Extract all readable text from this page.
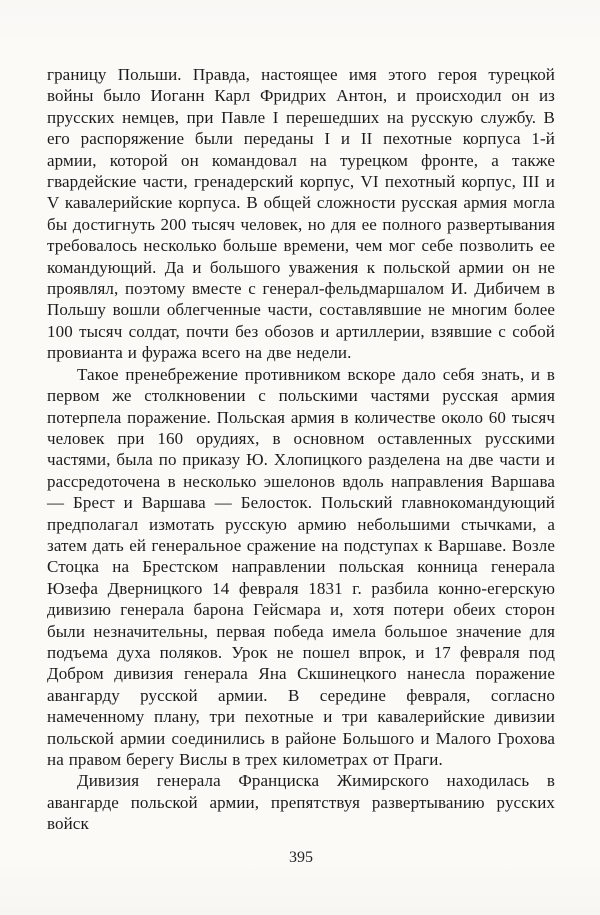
границу Польши. Правда, настоящее имя этого героя турецкой войны было Иоганн Карл Фридрих Антон, и происходил он из прусских немцев, при Павле I перешедших на русскую службу. В его распоряжение были переданы I и II пехотные корпуса 1-й армии, которой он командовал на турецком фронте, а также гвардейские части, гренадерский корпус, VI пехотный корпус, III и V кавалерийские корпуса. В общей сложности русская армия могла бы достигнуть 200 тысяч человек, но для ее полного развертывания требовалось несколько больше времени, чем мог себе позволить ее командующий. Да и большого уважения к польской армии он не проявлял, поэтому вместе с генерал-фельдмаршалом И. Дибичем в Польшу вошли облегченные части, составлявшие не многим более 100 тысяч солдат, почти без обозов и артиллерии, взявшие с собой провианта и фуража всего на две недели.

Такое пренебрежение противником вскоре дало себя знать, и в первом же столкновении с польскими частями русская армия потерпела поражение. Польская армия в количестве около 60 тысяч человек при 160 орудиях, в основном оставленных русскими частями, была по приказу Ю. Хлопицкого разделена на две части и рассредоточена в несколько эшелонов вдоль направления Варшава — Брест и Варшава — Белосток. Польский главнокомандующий предполагал измотать русскую армию небольшими стычками, а затем дать ей генеральное сражение на подступах к Варшаве. Возле Стоцка на Брестском направлении польская конница генерала Юзефа Дверницкого 14 февраля 1831 г. разбила конно-егерскую дивизию генерала барона Гейсмара и, хотя потери обеих сторон были незначительны, первая победа имела большое значение для подъема духа поляков. Урок не пошел впрок, и 17 февраля под Добром дивизия генерала Яна Скшинецкого нанесла поражение авангарду русской армии. В середине февраля, согласно намеченному плану, три пехотные и три кавалерийские дивизии польской армии соединились в районе Большого и Малого Грохова на правом берегу Вислы в трех километрах от Праги.

Дивизия генерала Франциска Жимирского находилась в авангарде польской армии, препятствуя развертыванию русских войск

395
